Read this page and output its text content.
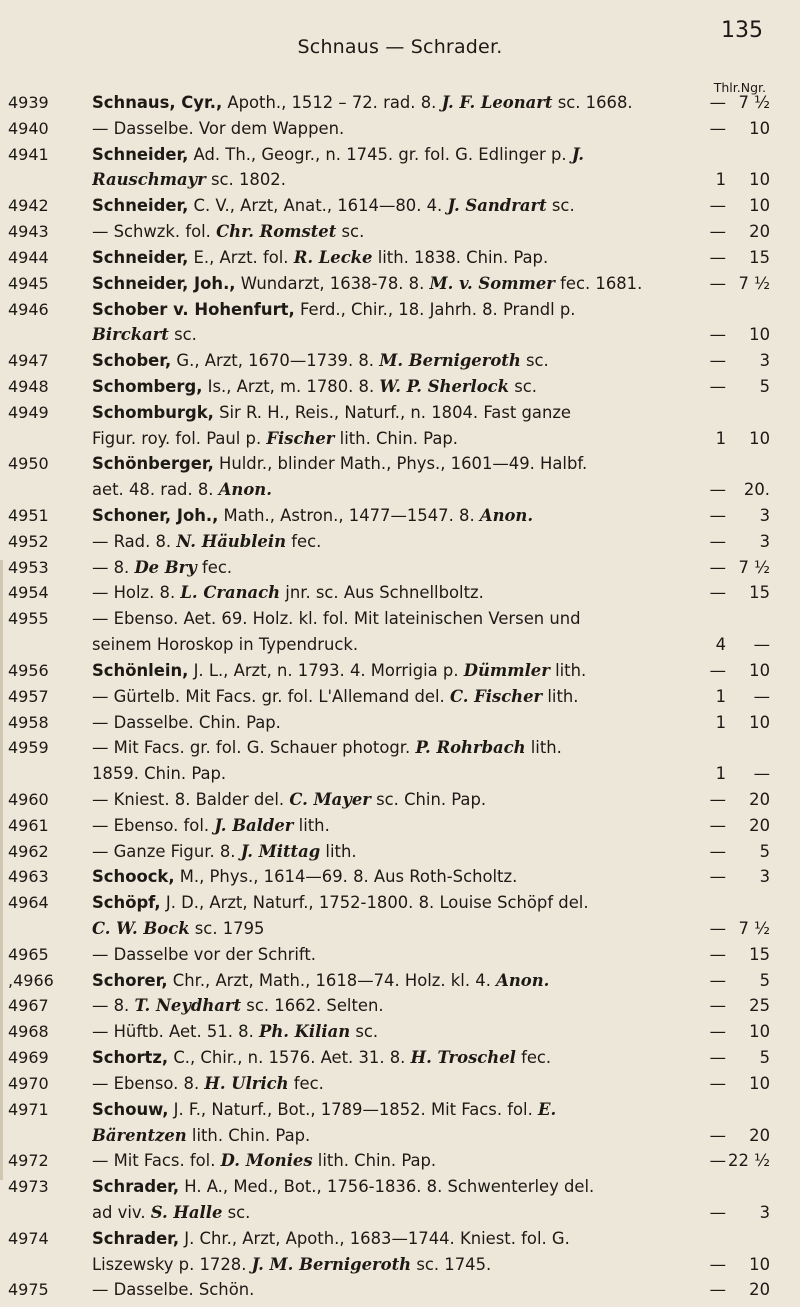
Schnaus — Schrader.
135
Thlr.Ngr.
4939	Schnaus, Cyr., Apoth., 1512 – 72. rad. 8. J. F. Leonart sc. 1668.	— 7 ½
4940	— Dasselbe. Vor dem Wappen.	— 10
4941	Schneider, Ad. Th., Geogr., n. 1745. gr. fol. G. Edlinger p. J.
Rauschmayr sc. 1802.	1 10
4942	Schneider, C. V., Arzt, Anat., 1614—80. 4. J. Sandrart sc.	— 10
4943	— Schwzk. fol. Chr. Romstet sc.	— 20
4944	Schneider, E., Arzt. fol. R. Lecke lith. 1838. Chin. Pap.	— 15
4945	Schneider, Joh., Wundarzt, 1638-78. 8. M. v. Sommer fec. 1681.	— 7 ½
4946	Schober v. Hohenfurt, Ferd., Chir., 18. Jahrh. 8. Prandl p.
Birckart sc.	— 10
4947	Schober, G., Arzt, 1670—1739. 8. M. Bernigeroth sc.	— 3
4948	Schomberg, Is., Arzt, m. 1780. 8. W. P. Sherlock sc.	— 5
4949	Schomburgk, Sir R. H., Reis., Naturf., n. 1804. Fast ganze
Figur. roy. fol. Paul p. Fischer lith. Chin. Pap.	1 10
4950	Schönberger, Huldr., blinder Math., Phys., 1601—49. Halbf.
aet. 48. rad. 8. Anon.	— 20.
4951	Schoner, Joh., Math., Astron., 1477—1547. 8. Anon.	— 3
4952	— Rad. 8. N. Häublein fec.	— 3
4953	— 8. De Bry fec.	— 7 ½
4954	— Holz. 8. L. Cranach jnr. sc. Aus Schnellboltz.	— 15
4955	— Ebenso. Aet. 69. Holz. kl. fol. Mit lateinischen Versen und
seinem Horoskop in Typendruck.	4 —
4956	Schönlein, J. L., Arzt, n. 1793. 4. Morrigia p. Dümmler lith.	— 10
4957	— Gürtelb. Mit Facs. gr. fol. L'Allemand del. C. Fischer lith.	1 —
4958	— Dasselbe. Chin. Pap.	1 10
4959	— Mit Facs. gr. fol. G. Schauer photogr. P. Rohrbach lith.
1859. Chin. Pap.	1 —
4960	— Kniest. 8. Balder del. C. Mayer sc. Chin. Pap.	— 20
4961	— Ebenso. fol. J. Balder lith.	— 20
4962	— Ganze Figur. 8. J. Mittag lith.	— 5
4963	Schoock, M., Phys., 1614—69. 8. Aus Roth-Scholtz.	— 3
4964	Schöpf, J. D., Arzt, Naturf., 1752-1800. 8. Louise Schöpf del.
C. W. Bock sc. 1795	— 7 ½
4965	— Dasselbe vor der Schrift.	— 15
,4966 Schorer, Chr., Arzt, Math., 1618—74. Holz. kl. 4. Anon.	— 5
4967	— 8. T. Neydhart sc. 1662. Selten.	— 25
4968	— Hüftb. Aet. 51. 8. Ph. Kilian sc.	— 10
4969	Schortz, C., Chir., n. 1576. Aet. 31. 8. H. Troschel fec.	— 5
4970	— Ebenso. 8. H. Ulrich fec.	— 10
4971	Schouw, J. F., Naturf., Bot., 1789—1852. Mit Facs. fol. E.
Bärentzen lith. Chin. Pap.	— 20
4972	— Mit Facs. fol. D. Monies lith. Chin. Pap.	— 22 ½
4973	Schrader, H. A., Med., Bot., 1756-1836. 8. Schwenterley del.
ad viv. S. Halle sc.	— 3
4974	Schrader, J. Chr., Arzt, Apoth., 1683—1744. Kniest. fol. G.
Liszewsky p. 1728. J. M. Bernigeroth sc. 1745.	— 10
4975	— Dasselbe. Schön.	— 20
